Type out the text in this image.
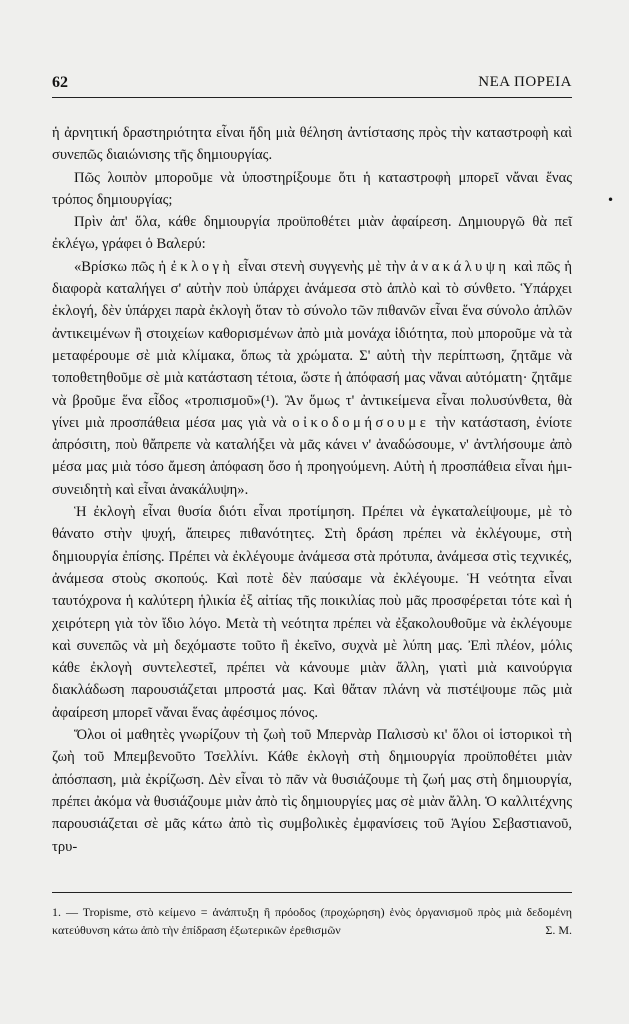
62	ΝΕΑ ΠΟΡΕΙΑ
•

ἡ ἀρνητική δραστηριότητα εἶναι ἤδη μιὰ θέληση ἀντίστασης πρὸς τὴν καταστροφὴ καὶ συνεπῶς διαιώνισης τῆς δημιουργίας.

Πῶς λοιπὸν μποροῦμε νὰ ὑποστηρίξουμε ὅτι ἡ καταστροφὴ μπορεῖ νἄναι ἕνας τρόπος δημιουργίας;

Πρὶν ἀπ' ὅλα, κάθε δημιουργία προϋποθέτει μιὰν ἀφαίρεση. Δημιουργῶ θὰ πεῖ ἐκλέγω, γράφει ὁ Βαλερύ:

«Βρίσκω πῶς ἡ ἐκλογὴ εἶναι στενὴ συγγενὴς μὲ τὴν ἀνακάλυψη καὶ πῶς ἡ διαφορὰ καταλήγει σ' αὐτὴν ποὺ ὑπάρχει ἀνάμεσα στὸ ἁπλὸ καὶ τὸ σύνθετο. Ὑπάρχει ἐκλογή, δὲν ὑπάρχει παρὰ ἐκλογὴ ὅταν τὸ σύνολο τῶν πιθανῶν εἶναι ἕνα σύνολο ἁπλῶν ἀντικειμένων ἢ στοιχείων καθορισμένων ἀπὸ μιὰ μονάχα ἰδιότητα, ποὺ μποροῦμε νὰ τὰ μεταφέρουμε σὲ μιὰ κλίμακα, ὅπως τὰ χρώματα. Σ' αὐτὴ τὴν περίπτωση, ζητᾶμε νὰ τοποθετηθοῦμε σὲ μιὰ κατάσταση τέτοια, ὥστε ἡ ἀπόφασή μας νἄναι αὐτόματη· ζητᾶμε νὰ βροῦμε ἕνα εἶδος «τροπισμοῦ»(¹). Ἂν ὅμως τ' ἀντικείμενα εἶναι πολυσύνθετα, θὰ γίνει μιὰ προσπάθεια μέσα μας γιὰ νὰ οἰκοδομήσουμε τὴν κατάσταση, ἐνίοτε ἀπρόσιτη, ποὺ θἄπρεπε νὰ καταλήξει νὰ μᾶς κάνει ν' ἀναδώσουμε, ν' ἀντλήσουμε ἀπὸ μέσα μας μιὰ τόσο ἄμεση ἀπόφαση ὅσο ἡ προηγούμενη. Αὐτὴ ἡ προσπάθεια εἶναι ἡμι-συνειδητὴ καὶ εἶναι ἀνακάλυψη».

Ἡ ἐκλογὴ εἶναι θυσία διότι εἶναι προτίμηση. Πρέπει νὰ ἐγκαταλείψουμε, μὲ τὸ θάνατο στὴν ψυχή, ἄπειρες πιθανότητες. Στὴ δράση πρέπει νὰ ἐκλέγουμε, στὴ δημιουργία ἐπίσης. Πρέπει νὰ ἐκλέγουμε ἀνάμεσα στὰ πρότυπα, ἀνάμεσα στὶς τεχνικές, ἀνάμεσα στοὺς σκοπούς. Καὶ ποτὲ δὲν παύσαμε νὰ ἐκλέγουμε. Ἡ νεότητα εἶναι ταυτόχρονα ἡ καλύτερη ἡλικία ἐξ αἰτίας τῆς ποικιλίας ποὺ μᾶς προσφέρεται τότε καὶ ἡ χειρότερη γιὰ τὸν ἴδιο λόγο. Μετὰ τὴ νεότητα πρέπει νὰ ἐξακολουθοῦμε νὰ ἐκλέγουμε καὶ συνεπῶς νὰ μὴ δεχόμαστε τοῦτο ἢ ἐκεῖνο, συχνὰ μὲ λύπη μας. Ἐπὶ πλέον, μόλις κάθε ἐκλογὴ συντελεστεῖ, πρέπει νὰ κάνουμε μιὰν ἄλλη, γιατὶ μιὰ καινούργια διακλάδωση παρουσιάζεται μπροστά μας. Καὶ θἄταν πλάνη νὰ πιστέψουμε πῶς μιὰ ἀφαίρεση μπορεῖ νἄναι ἕνας ἀφέσιμος πόνος.

Ὅλοι οἱ μαθητὲς γνωρίζουν τὴ ζωὴ τοῦ Μπερνὰρ Παλισσὺ κι' ὅλοι οἱ ἱστορικοὶ τὴ ζωὴ τοῦ Μπεμβενοῦτο Τσελλίνι. Κάθε ἐκλογὴ στὴ δημιουργία προϋποθέτει μιὰν ἀπόσπαση, μιὰ ἐκρίζωση. Δὲν εἶναι τὸ πᾶν νὰ θυσιάζουμε τὴ ζωή μας στὴ δημιουργία, πρέπει ἀκόμα νὰ θυσιάζουμε μιὰν ἀπὸ τὶς δημιουργίες μας σὲ μιὰν ἄλλη. Ὁ καλλιτέχνης παρουσιάζεται σὲ μᾶς κάτω ἀπὸ τὶς συμβολικὲς ἐμφανίσεις τοῦ Ἁγίου Σεβαστιανοῦ, τρυ-

1. — Tropisme, στὸ κείμενο = ἀνάπτυξη ἢ πρόοδος (προχώρηση) ἑνὸς ὀργανισμοῦ πρὸς μιὰ δεδομένη κατεύθυνση κάτω ἀπὸ τὴν ἐπίδραση ἐξωτερικῶν ἐρεθισμῶν	Σ. Μ.
